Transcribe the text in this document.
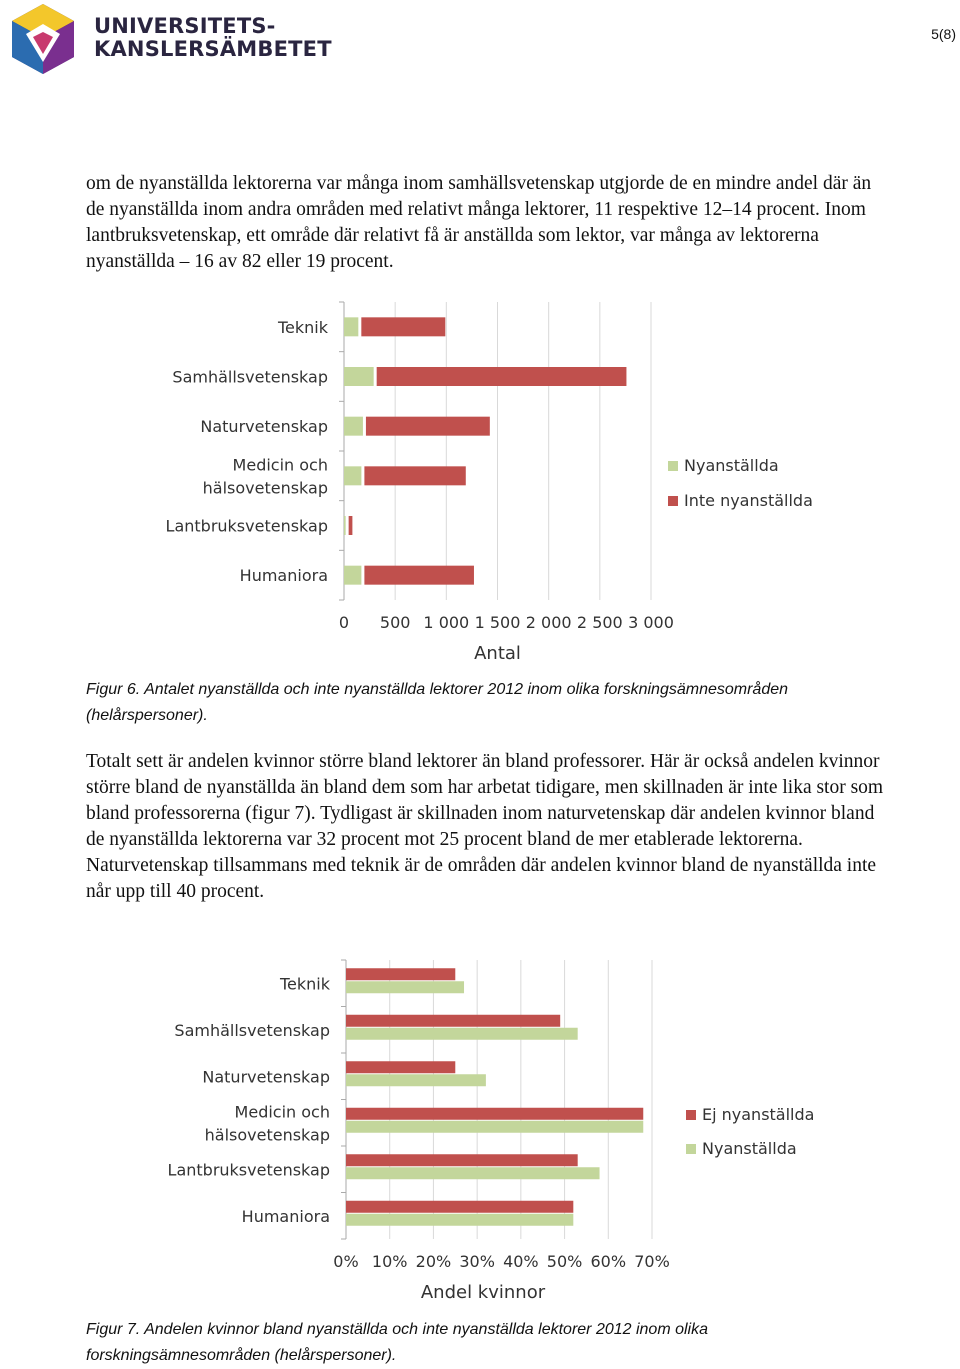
UNIVERSITETS-
KANSLERSÄMBETET
5(8)

om de nyanställda lektorerna var många inom samhällsvetenskap utgjorde de en mindre andel där än de nyanställda inom andra områden med relativt många lektorer, 11 respektive 12–14 procent. Inom lantbruksvetenskap, ett område där relativt få är anställda som lektor, var många av lektorerna nyanställda – 16 av 82 eller 19 procent.

Teknik
Samhällsvetenskap
Naturvetenskap
Medicin och
hälsovetenskap
Lantbruksvetenskap
Humaniora
0 500 1 000 1 500 2 000 2 500 3 000
Antal
Nyanställda
Inte nyanställda

Figur 6. Antalet nyanställda och inte nyanställda lektorer 2012 inom olika forskningsämnesområden (helårspersoner).

Totalt sett är andelen kvinnor större bland lektorer än bland professorer. Här är också andelen kvinnor större bland de nyanställda än bland dem som har arbetat tidigare, men skillnaden är inte lika stor som bland professorerna (figur 7). Tydligast är skillnaden inom naturvetenskap där andelen kvinnor bland de nyanställda lektorerna var 32 procent mot 25 procent bland de mer etablerade lektorerna. Naturvetenskap tillsammans med teknik är de områden där andelen kvinnor bland de nyanställda inte når upp till 40 procent.

Teknik
Samhällsvetenskap
Naturvetenskap
Medicin och
hälsovetenskap
Lantbruksvetenskap
Humaniora
0% 10% 20% 30% 40% 50% 60% 70%
Andel kvinnor
Ej nyanställda
Nyanställda

Figur 7. Andelen kvinnor bland nyanställda och inte nyanställda lektorer 2012 inom olika forskningsämnesområden (helårspersoner).
